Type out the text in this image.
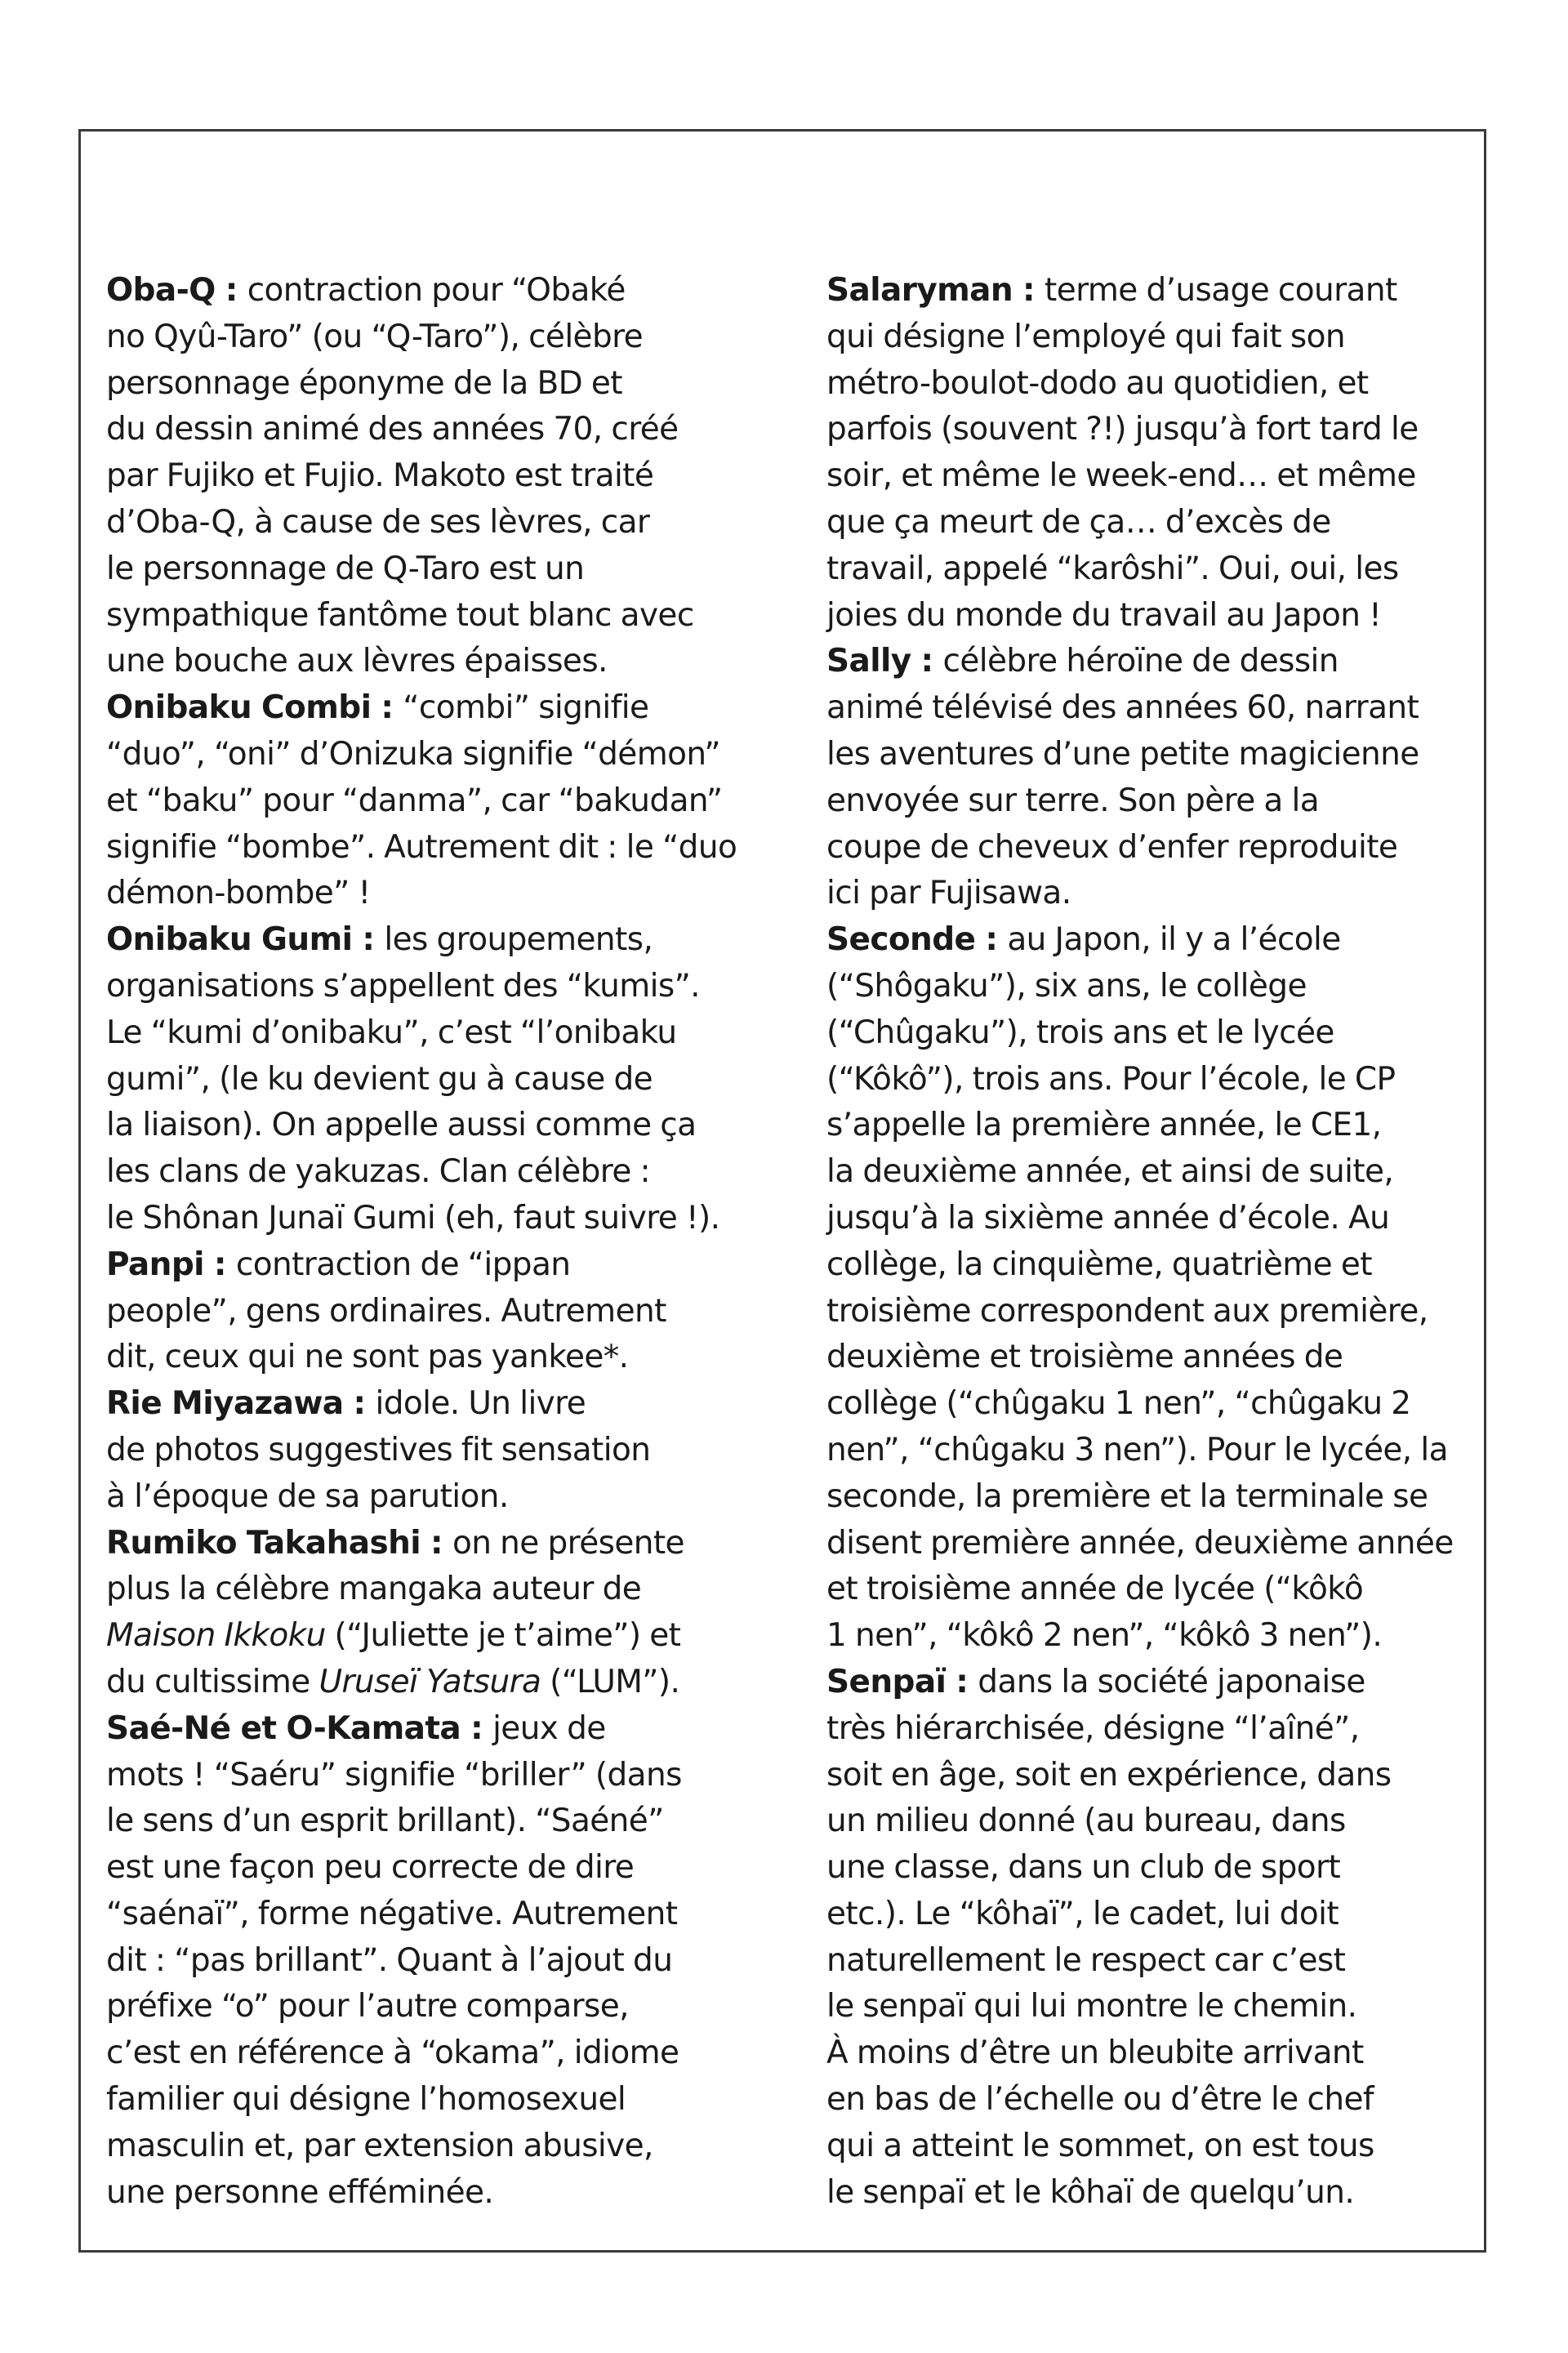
Oba-Q : contraction pour “Obaké
no Qyû-Taro” (ou “Q-Taro”), célèbre
personnage éponyme de la BD et
du dessin animé des années 70, créé
par Fujiko et Fujio. Makoto est traité
d’Oba-Q, à cause de ses lèvres, car
le personnage de Q-Taro est un
sympathique fantôme tout blanc avec
une bouche aux lèvres épaisses.
Onibaku Combi : “combi” signifie
“duo”, “oni” d’Onizuka signifie “démon”
et “baku” pour “danma”, car “bakudan”
signifie “bombe”. Autrement dit : le “duo
démon-bombe” !
Onibaku Gumi : les groupements,
organisations s’appellent des “kumis”.
Le “kumi d’onibaku”, c’est “l’onibaku
gumi”, (le ku devient gu à cause de
la liaison). On appelle aussi comme ça
les clans de yakuzas. Clan célèbre :
le Shônan Junaï Gumi (eh, faut suivre !).
Panpi : contraction de “ippan
people”, gens ordinaires. Autrement
dit, ceux qui ne sont pas yankee*.
Rie Miyazawa : idole. Un livre
de photos suggestives fit sensation
à l’époque de sa parution.
Rumiko Takahashi : on ne présente
plus la célèbre mangaka auteur de
Maison Ikkoku (“Juliette je t’aime”) et
du cultissime Uruseï Yatsura (“LUM”).
Saé-Né et O-Kamata : jeux de
mots ! “Saéru” signifie “briller” (dans
le sens d’un esprit brillant). “Saéné”
est une façon peu correcte de dire
“saénaï”, forme négative. Autrement
dit : “pas brillant”. Quant à l’ajout du
préfixe “o” pour l’autre comparse,
c’est en référence à “okama”, idiome
familier qui désigne l’homosexuel
masculin et, par extension abusive,
une personne efféminée.
Salaryman : terme d’usage courant
qui désigne l’employé qui fait son
métro-boulot-dodo au quotidien, et
parfois (souvent ?!) jusqu’à fort tard le
soir, et même le week-end… et même
que ça meurt de ça… d’excès de
travail, appelé “karôshi”. Oui, oui, les
joies du monde du travail au Japon !
Sally : célèbre héroïne de dessin
animé télévisé des années 60, narrant
les aventures d’une petite magicienne
envoyée sur terre. Son père a la
coupe de cheveux d’enfer reproduite
ici par Fujisawa.
Seconde : au Japon, il y a l’école
(“Shôgaku”), six ans, le collège
(“Chûgaku”), trois ans et le lycée
(“Kôkô”), trois ans. Pour l’école, le CP
s’appelle la première année, le CE1,
la deuxième année, et ainsi de suite,
jusqu’à la sixième année d’école. Au
collège, la cinquième, quatrième et
troisième correspondent aux première,
deuxième et troisième années de
collège (“chûgaku 1 nen”, “chûgaku 2
nen”, “chûgaku 3 nen”). Pour le lycée, la
seconde, la première et la terminale se
disent première année, deuxième année
et troisième année de lycée (“kôkô
1 nen”, “kôkô 2 nen”, “kôkô 3 nen”).
Senpaï : dans la société japonaise
très hiérarchisée, désigne “l’aîné”,
soit en âge, soit en expérience, dans
un milieu donné (au bureau, dans
une classe, dans un club de sport
etc.). Le “kôhaï”, le cadet, lui doit
naturellement le respect car c’est
le senpaï qui lui montre le chemin.
À moins d’être un bleubite arrivant
en bas de l’échelle ou d’être le chef
qui a atteint le sommet, on est tous
le senpaï et le kôhaï de quelqu’un.
